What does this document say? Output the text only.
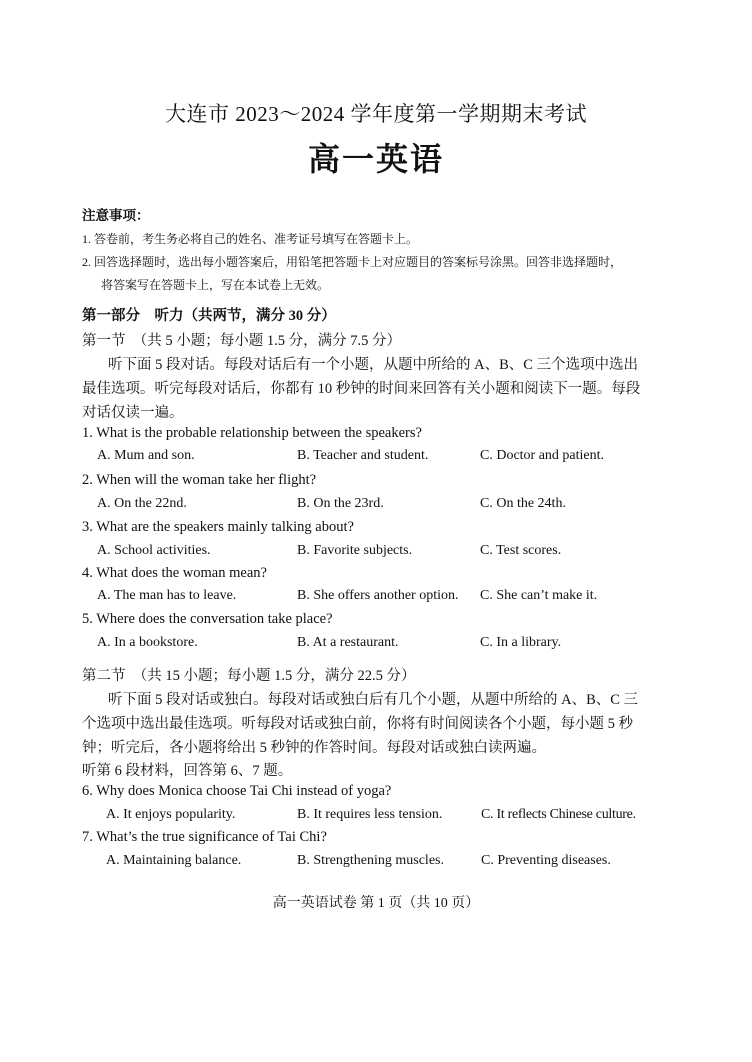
大连市 2023～2024 学年度第一学期期末考试
高一英语
注意事项：
1. 答卷前，考生务必将自己的姓名、准考证号填写在答题卡上。
2. 回答选择题时，选出每小题答案后，用铅笔把答题卡上对应题目的答案标号涂黑。回答非选择题时，
将答案写在答题卡上，写在本试卷上无效。
第一部分　听力（共两节，满分 30 分）
第一节　（共 5 小题；每小题 1.5 分，满分 7.5 分）
听下面 5 段对话。每段对话后有一个小题，从题中所给的 A、B、C 三个选项中选出
最佳选项。听完每段对话后，你都有 10 秒钟的时间来回答有关小题和阅读下一题。每段
对话仅读一遍。
1. What is the probable relationship between the speakers?
A. Mum and son.	B. Teacher and student.	C. Doctor and patient.
2. When will the woman take her flight?
A. On the 22nd.	B. On the 23rd.	C. On the 24th.
3. What are the speakers mainly talking about?
A. School activities.	B. Favorite subjects.	C. Test scores.
4. What does the woman mean?
A. The man has to leave.	B. She offers another option. C. She can’t make it.
5. Where does the conversation take place?
A. In a bookstore.	B. At a restaurant.	C. In a library.
第二节　（共 15 小题；每小题 1.5 分，满分 22.5 分）
听下面 5 段对话或独白。每段对话或独白后有几个小题，从题中所给的 A、B、C 三
个选项中选出最佳选项。听每段对话或独白前，你将有时间阅读各个小题，每小题 5 秒
钟；听完后，各小题将给出 5 秒钟的作答时间。每段对话或独白读两遍。
听第 6 段材料，回答第 6、7 题。
6. Why does Monica choose Tai Chi instead of yoga?
A. It enjoys popularity.	B. It requires less tension.	C. It reflects Chinese culture.
7. What’s the true significance of Tai Chi?
A. Maintaining balance.	B. Strengthening muscles.	C. Preventing diseases.
高一英语试卷 第 1 页（共 10 页）
